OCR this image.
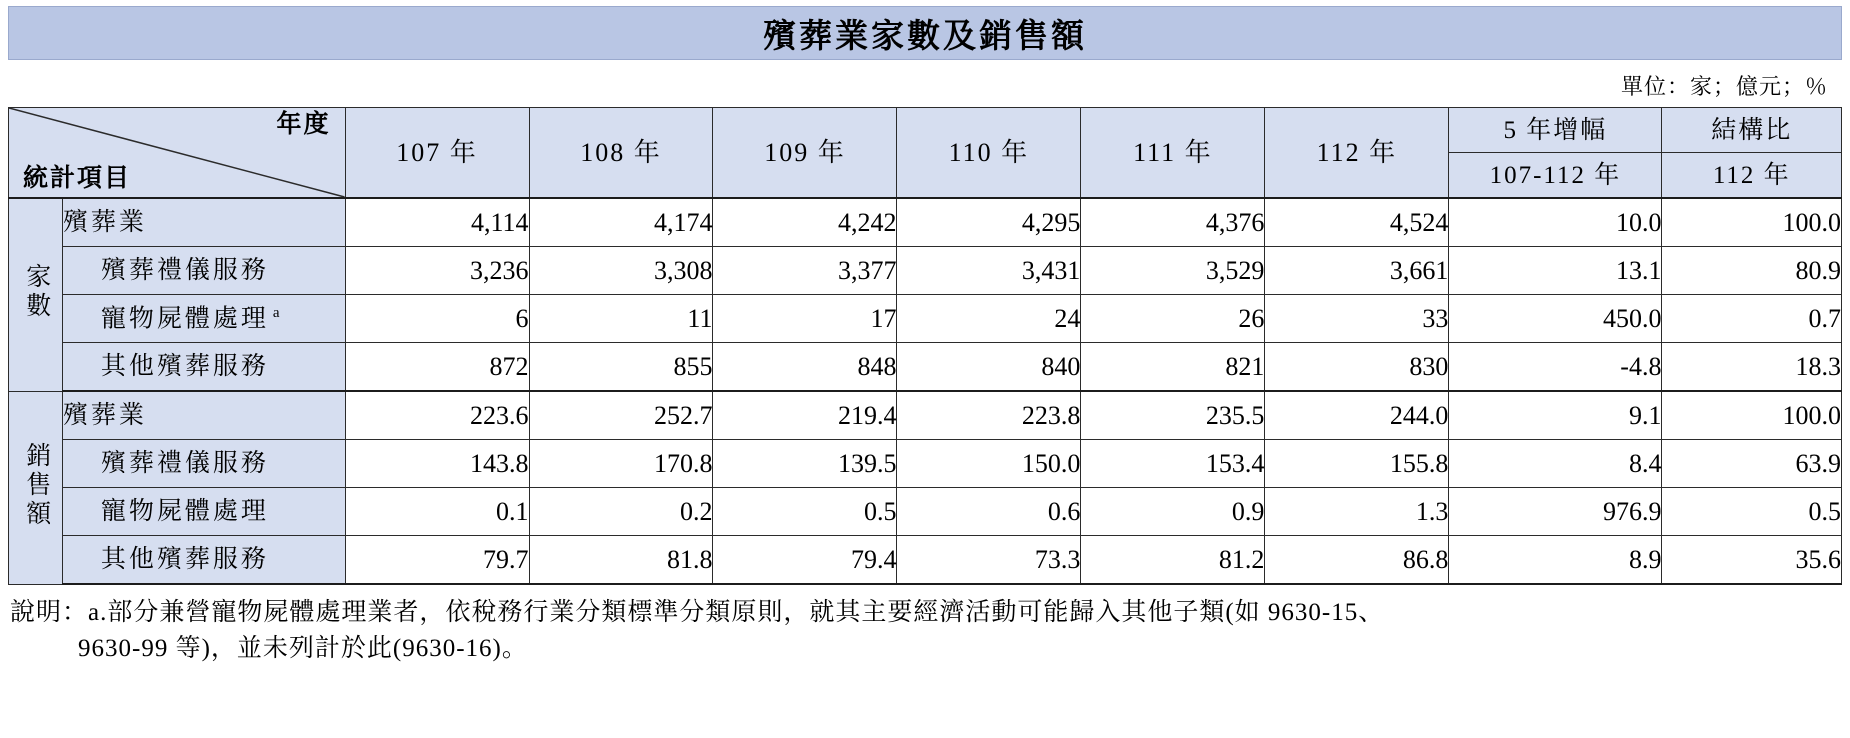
殯葬業家數及銷售額
單位：家；億元；％
年度
統計項目		107 年	108 年	109 年	110 年	111 年	112 年	5 年增幅	結構比
								107-112 年	112 年
家數	殯葬業	4,114	4,174	4,242	4,295	4,376	4,524	10.0	100.0
	殯葬禮儀服務	3,236	3,308	3,377	3,431	3,529	3,661	13.1	80.9
	寵物屍體處理 $^a$	6	11	17	24	26	33	450.0	0.7
	其他殯葬服務	872	855	848	840	821	830	-4.8	18.3
銷售額	殯葬業	223.6	252.7	219.4	223.8	235.5	244.0	9.1	100.0
	殯葬禮儀服務	143.8	170.8	139.5	150.0	153.4	155.8	8.4	63.9
	寵物屍體處理	0.1	0.2	0.5	0.6	0.9	1.3	976.9	0.5
	其他殯葬服務	79.7	81.8	79.4	73.3	81.2	86.8	8.9	35.6
說明：a.部分兼營寵物屍體處理業者，依稅務行業分類標準分類原則，就其主要經濟活動可能歸入其他子類(如 9630-15、
9630-99 等)，並未列計於此(9630-16)。
